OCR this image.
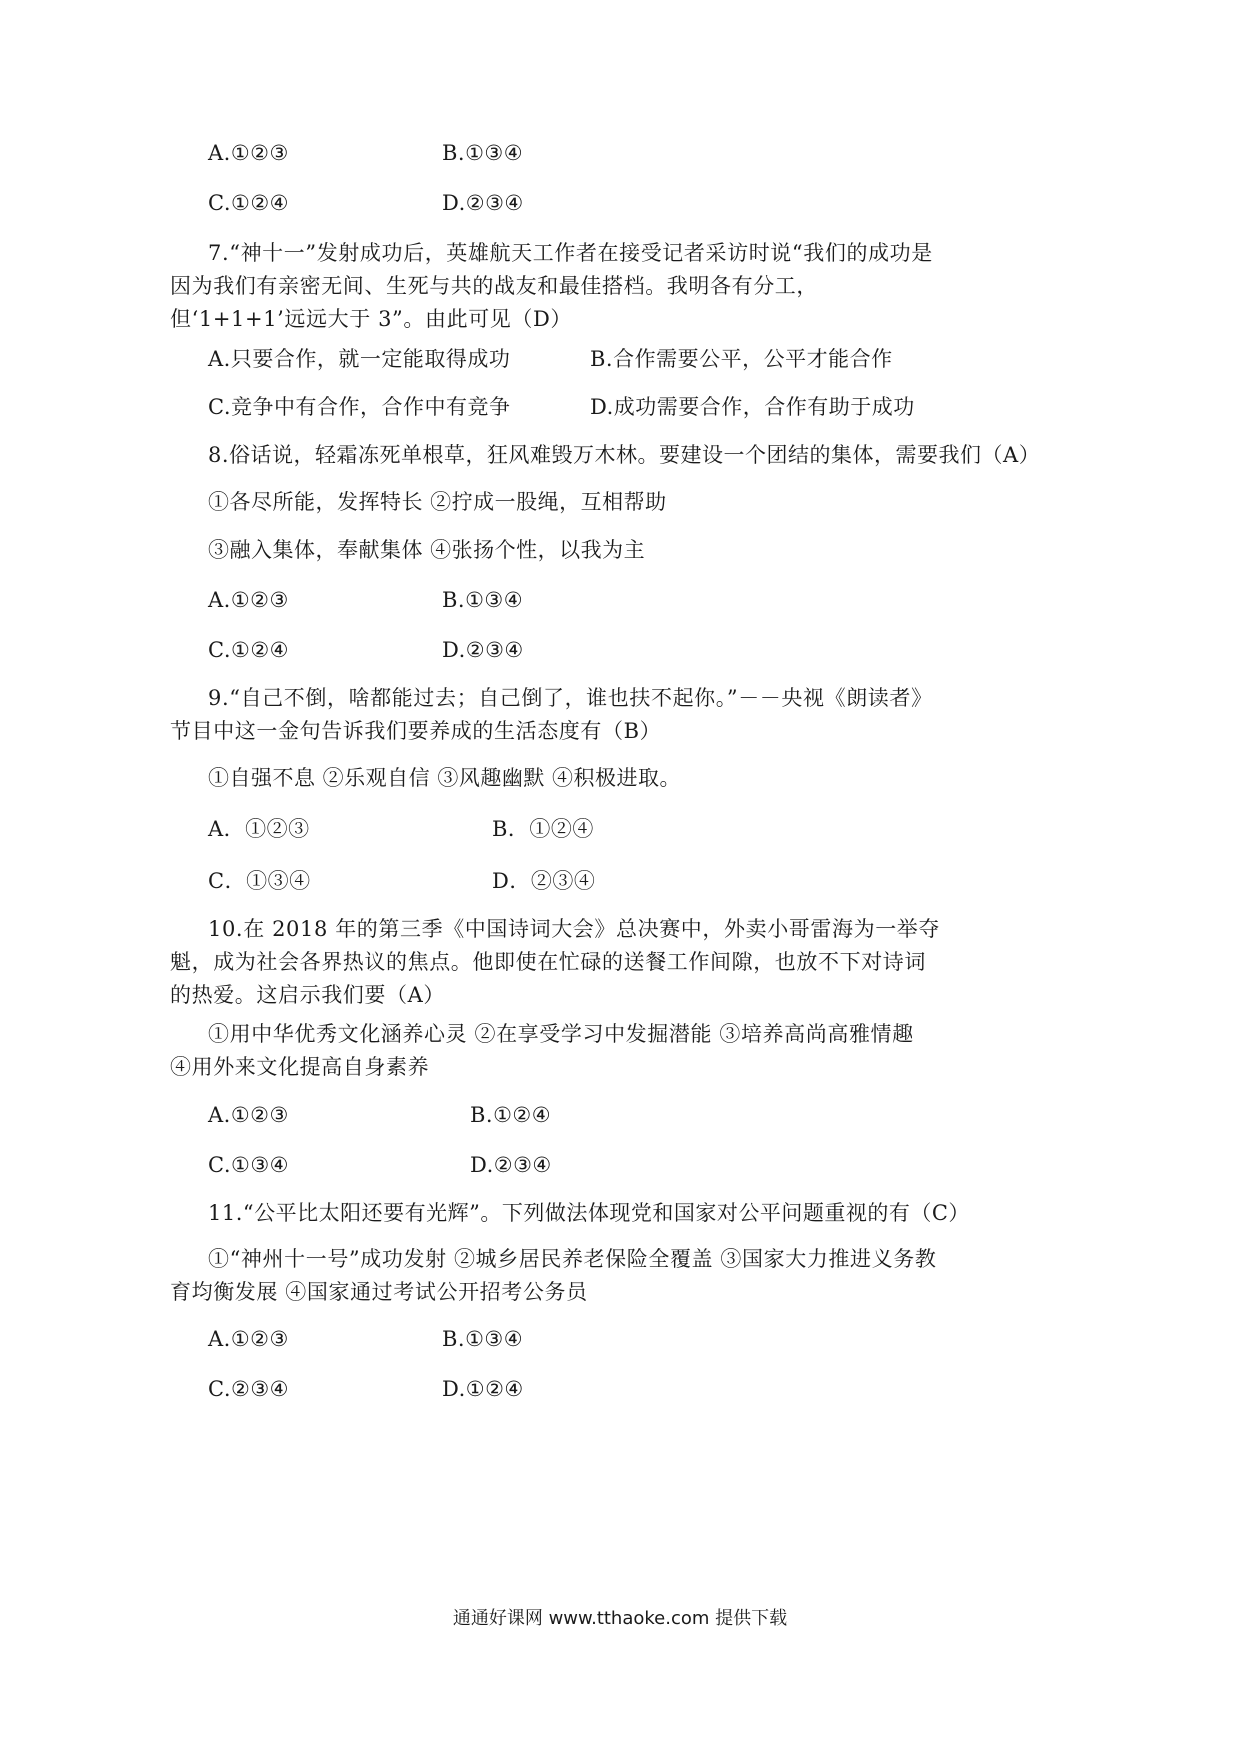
A.①②③	B.①③④
C.①②④	D.②③④
7.“神十一”发射成功后，英雄航天工作者在接受记者采访时说“我们的成功是因为我们有亲密无间、生死与共的战友和最佳搭档。我明各有分工，但‘1+1+1’远远大于 3”。由此可见（D）
A.只要合作，就一定能取得成功	B.合作需要公平，公平才能合作
C.竞争中有合作，合作中有竞争	D.成功需要合作，合作有助于成功
8.俗话说，轻霜冻死单根草，狂风难毁万木林。要建设一个团结的集体，需要我们（A）
①各尽所能，发挥特长 ②拧成一股绳，互相帮助
③融入集体，奉献集体 ④张扬个性，以我为主
A.①②③	B.①③④
C.①②④	D.②③④
9.“自己不倒，啥都能过去；自己倒了，谁也扶不起你。”－－央视《朗读者》节目中这一金句告诉我们要养成的生活态度有（B）
①自强不息 ②乐观自信 ③风趣幽默 ④积极进取。
A．①②③	B．①②④
C．①③④	D．②③④
10.在 2018 年的第三季《中国诗词大会》总决赛中，外卖小哥雷海为一举夺魁，成为社会各界热议的焦点。他即使在忙碌的送餐工作间隙，也放不下对诗词的热爱。这启示我们要（A）
①用中华优秀文化涵养心灵 ②在享受学习中发掘潜能 ③培养高尚高雅情趣 ④用外来文化提高自身素养
A.①②③	B.①②④
C.①③④	D.②③④
11.“公平比太阳还要有光辉”。下列做法体现党和国家对公平问题重视的有（C）
①“神州十一号”成功发射 ②城乡居民养老保险全覆盖 ③国家大力推进义务教育均衡发展 ④国家通过考试公开招考公务员
A.①②③	B.①③④
C.②③④	D.①②④
通通好课网 www.tthaoke.com 提供下载
